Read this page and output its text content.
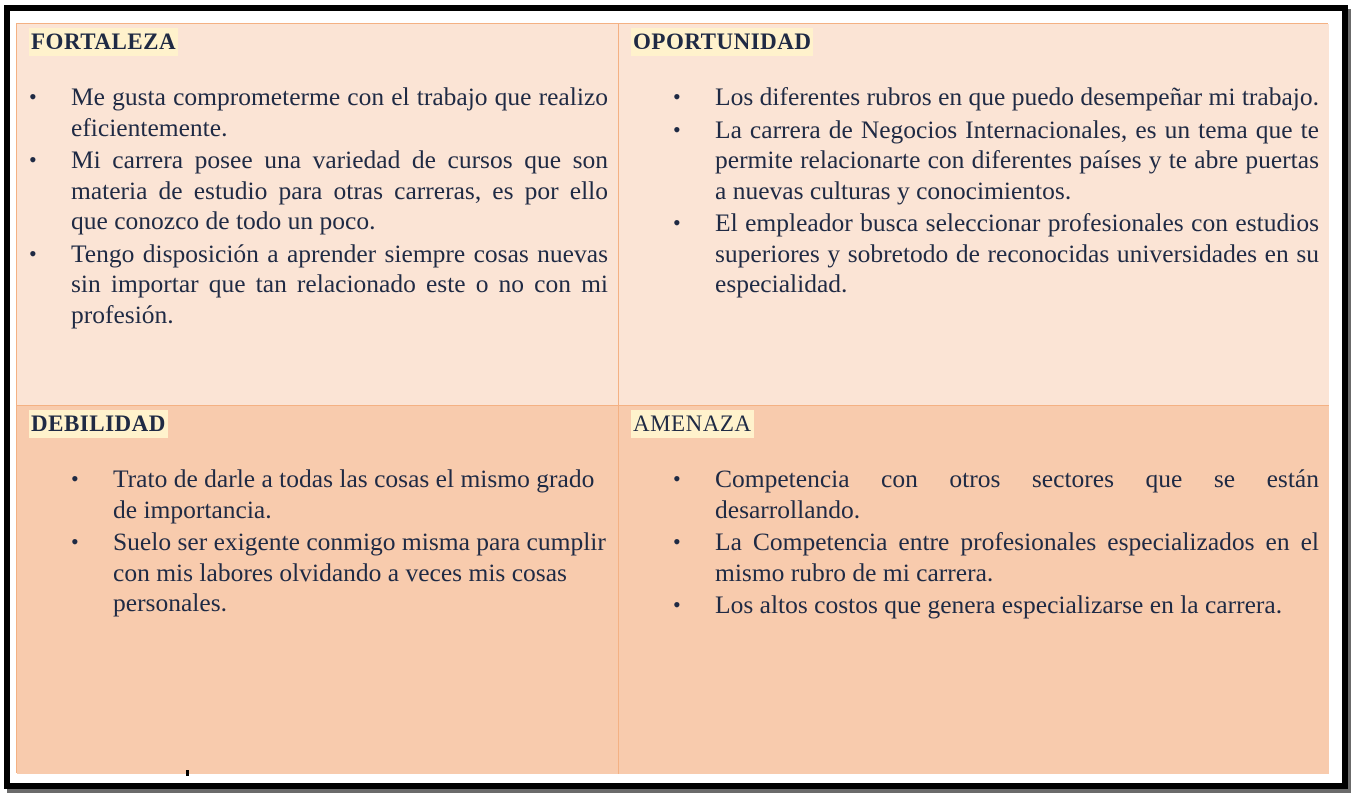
FORTALEZA
• Me gusta comprometerme con el trabajo que realizo eficientemente.
• Mi carrera posee una variedad de cursos que son materia de estudio para otras carreras, es por ello que conozco de todo un poco.
• Tengo disposición a aprender siempre cosas nuevas sin importar que tan relacionado este o no con mi profesión.
OPORTUNIDAD
• Los diferentes rubros en que puedo desempeñar mi trabajo.
• La carrera de Negocios Internacionales, es un tema que te permite relacionarte con diferentes países y te abre puertas a nuevas culturas y conocimientos.
• El empleador busca seleccionar profesionales con estudios superiores y sobretodo de reconocidas universidades en su especialidad.
DEBILIDAD
• Trato de darle a todas las cosas el mismo grado de importancia.
• Suelo ser exigente conmigo misma para cumplir con mis labores olvidando a veces mis cosas personales.
AMENAZA
• Competencia con otros sectores que se están desarrollando.
• La Competencia entre profesionales especializados en el mismo rubro de mi carrera.
• Los altos costos que genera especializarse en la carrera.
